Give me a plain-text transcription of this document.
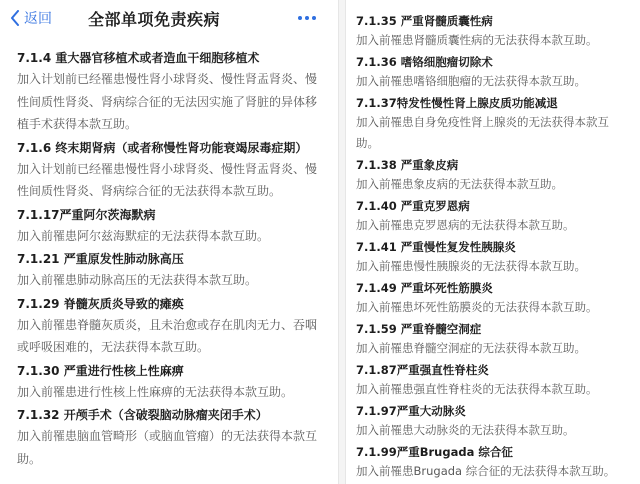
返回 全部单项免责疾病
7.1.4 重大器官移植术或者造血干细胞移植术

加入计划前已经罹患慢性肾小球肾炎、慢性肾盂肾炎、慢性间质性肾炎、肾病综合征的无法因实施了肾脏的异体移植手术获得本款互助。

7.1.6 终末期肾病（或者称慢性肾功能衰竭尿毒症期）

加入计划前已经罹患慢性肾小球肾炎、慢性肾盂肾炎、慢性间质性肾炎、肾病综合征的无法获得本款互助。

7.1.17严重阿尔茨海默病

加入前罹患阿尔兹海默症的无法获得本款互助。

7.1.21 严重原发性肺动脉高压

加入前罹患肺动脉高压的无法获得本款互助。

7.1.29 脊髓灰质炎导致的瘫痪

加入前罹患脊髓灰质炎，且未治愈或存在肌肉无力、吞咽或呼吸困难的，无法获得本款互助。

7.1.30 严重进行性核上性麻痹

加入前罹患进行性核上性麻痹的无法获得本款互助。

7.1.32 开颅手术（含破裂脑动脉瘤夹闭手术）

加入前罹患脑血管畸形（或脑血管瘤）的无法获得本款互助。

7.1.35 严重肾髓质囊性病

加入前罹患肾髓质囊性病的无法获得本款互助。

7.1.36 嗜铬细胞瘤切除术

加入前罹患嗜铬细胞瘤的无法获得本款互助。

7.1.37特发性慢性肾上腺皮质功能减退

加入前罹患自身免疫性肾上腺炎的无法获得本款互助。

7.1.38 严重象皮病

加入前罹患象皮病的无法获得本款互助。

7.1.40 严重克罗恩病

加入前罹患克罗恩病的无法获得本款互助。

7.1.41 严重慢性复发性胰腺炎

加入前罹患慢性胰腺炎的无法获得本款互助。

7.1.49 严重坏死性筋膜炎

加入前罹患坏死性筋膜炎的无法获得本款互助。

7.1.59 严重脊髓空洞症

加入前罹患脊髓空洞症的无法获得本款互助。

7.1.87严重强直性脊柱炎

加入前罹患强直性脊柱炎的无法获得本款互助。

7.1.97严重大动脉炎

加入前罹患大动脉炎的无法获得本款互助。

7.1.99严重Brugada 综合征

加入前罹患Brugada 综合征的无法获得本款互助。
